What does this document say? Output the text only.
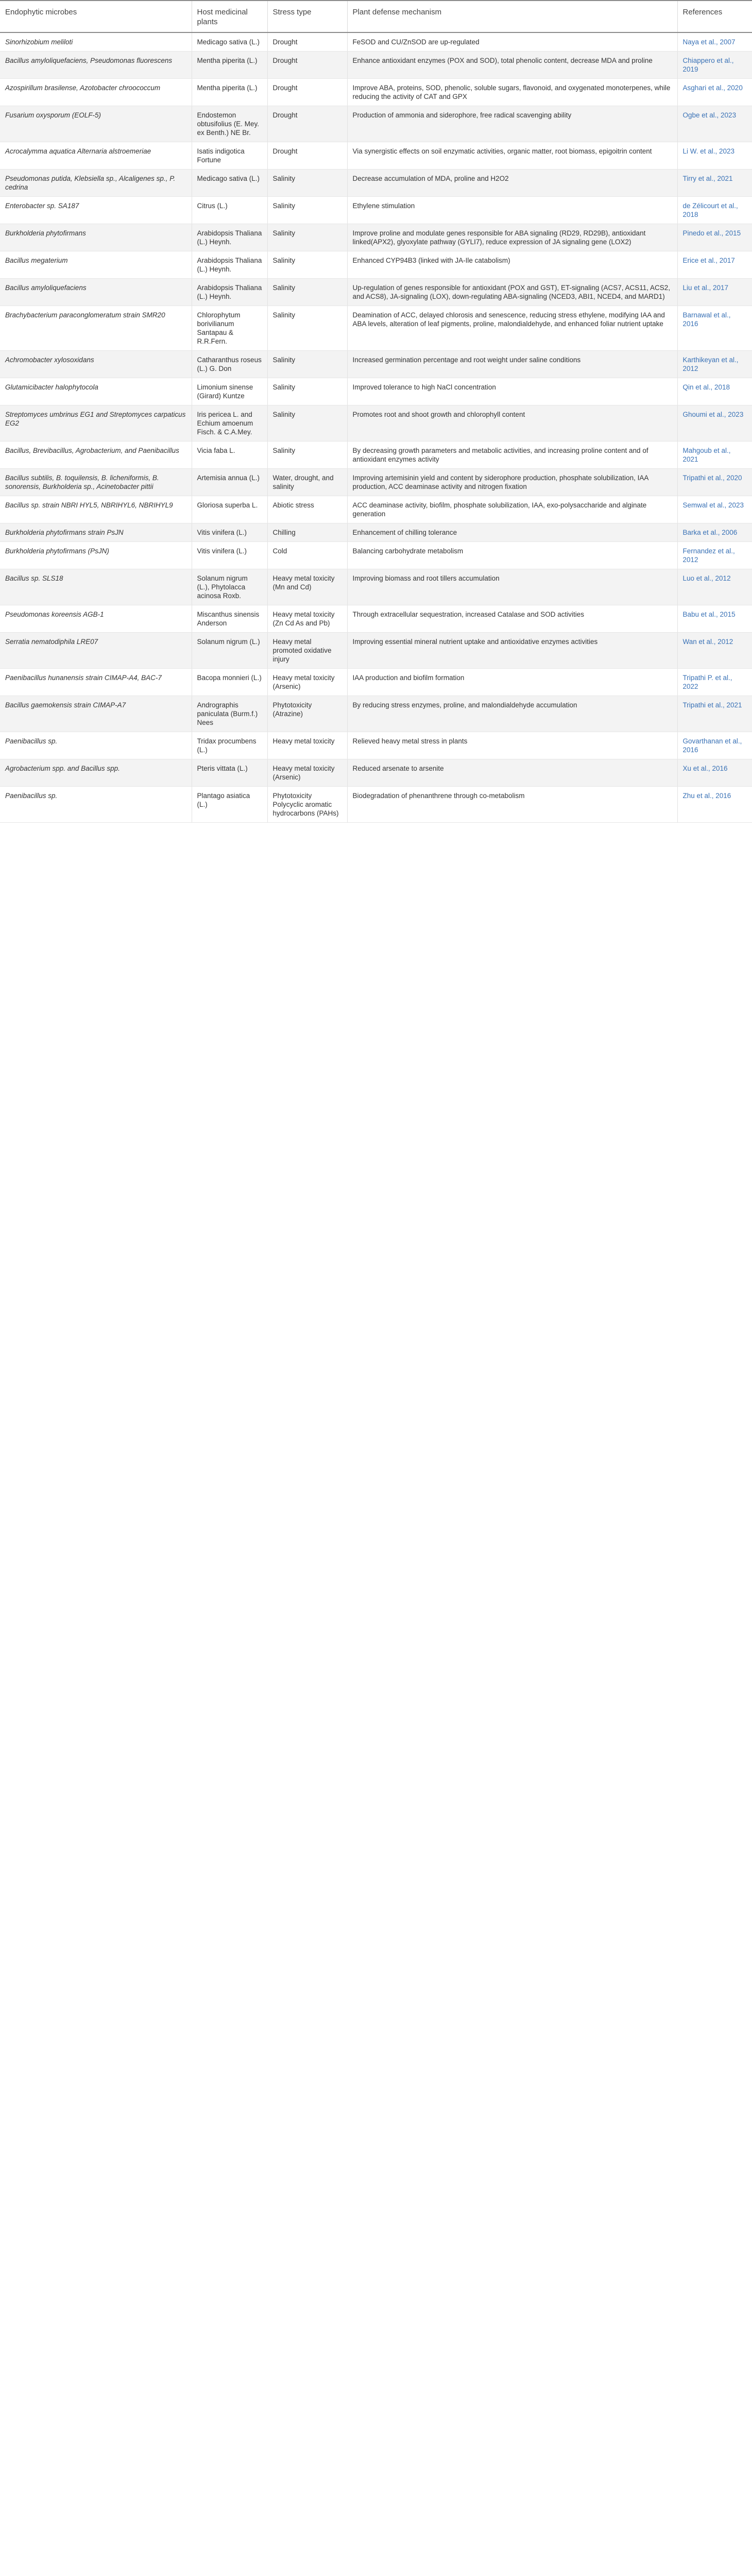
Endophytic microbes	Host medicinal plants	Stress type	Plant defense mechanism	References
Sinorhizobium meliloti	Medicago sativa (L.)	Drought	FeSOD and CU/ZnSOD are up-regulated	Naya et al., 2007
Bacillus amyloliquefaciens, Pseudomonas fluorescens	Mentha piperita (L.)	Drought	Enhance antioxidant enzymes (POX and SOD), total phenolic content, decrease MDA and proline	Chiappero et al., 2019
Azospirillum brasilense, Azotobacter chroococcum	Mentha piperita (L.)	Drought	Improve ABA, proteins, SOD, phenolic, soluble sugars, flavonoid, and oxygenated monoterpenes, while reducing the activity of CAT and GPX	Asghari et al., 2020
Fusarium oxysporum (EOLF-5)	Endostemon obtusifolius (E. Mey. ex Benth.) NE Br.	Drought	Production of ammonia and siderophore, free radical scavenging ability	Ogbe et al., 2023
Acrocalymma aquatica Alternaria alstroemeriae	Isatis indigotica Fortune	Drought	Via synergistic effects on soil enzymatic activities, organic matter, root biomass, epigoitrin content	Li W. et al., 2023
Pseudomonas putida, Klebsiella sp., Alcaligenes sp., P. cedrina	Medicago sativa (L.)	Salinity	Decrease accumulation of MDA, proline and H2O2	Tirry et al., 2021
Enterobacter sp. SA187	Citrus (L.)	Salinity	Ethylene stimulation	de Zélicourt et al., 2018
Burkholderia phytofirmans	Arabidopsis Thaliana (L.) Heynh.	Salinity	Improve proline and modulate genes responsible for ABA signaling (RD29, RD29B), antioxidant linked(APX2), glyoxylate pathway (GYLI7), reduce expression of JA signaling gene (LOX2)	Pinedo et al., 2015
Bacillus megaterium	Arabidopsis Thaliana (L.) Heynh.	Salinity	Enhanced CYP94B3 (linked with JA-Ile catabolism)	Erice et al., 2017
Bacillus amyloliquefaciens	Arabidopsis Thaliana (L.) Heynh.	Salinity	Up-regulation of genes responsible for antioxidant (POX and GST), ET-signaling (ACS7, ACS11, ACS2, and ACS8), JA-signaling (LOX), down-regulating ABA-signaling (NCED3, ABI1, NCED4, and MARD1)	Liu et al., 2017
Brachybacterium paraconglomeratum strain SMR20	Chlorophytum borivilianum Santapau & R.R.Fern.	Salinity	Deamination of ACC, delayed chlorosis and senescence, reducing stress ethylene, modifying IAA and ABA levels, alteration of leaf pigments, proline, malondialdehyde, and enhanced foliar nutrient uptake	Barnawal et al., 2016
Achromobacter xylosoxidans	Catharanthus roseus (L.) G. Don	Salinity	Increased germination percentage and root weight under saline conditions	Karthikeyan et al., 2012
Glutamicibacter halophytocola	Limonium sinense (Girard) Kuntze	Salinity	Improved tolerance to high NaCl concentration	Qin et al., 2018
Streptomyces umbrinus EG1 and Streptomyces carpaticus EG2	Iris pericea L. and Echium amoenum Fisch. & C.A.Mey.	Salinity	Promotes root and shoot growth and chlorophyll content	Ghoumi et al., 2023
Bacillus, Brevibacillus, Agrobacterium, and Paenibacillus	Vicia faba L.	Salinity	By decreasing growth parameters and metabolic activities, and increasing proline content and of antioxidant enzymes activity	Mahgoub et al., 2021
Bacillus subtilis, B. toquilensis, B. licheniformis, B. sonorensis, Burkholderia sp., Acinetobacter pittii	Artemisia annua (L.)	Water, drought, and salinity	Improving artemisinin yield and content by siderophore production, phosphate solubilization, IAA production, ACC deaminase activity and nitrogen fixation	Tripathi et al., 2020
Bacillus sp. strain NBRI HYL5, NBRIHYL6, NBRIHYL9	Gloriosa superba L.	Abiotic stress	ACC deaminase activity, biofilm, phosphate solubilization, IAA, exo-polysaccharide and alginate generation	Semwal et al., 2023
Burkholderia phytofirmans strain PsJN	Vitis vinifera (L.)	Chilling	Enhancement of chilling tolerance	Barka et al., 2006
Burkholderia phytofirmans (PsJN)	Vitis vinifera (L.)	Cold	Balancing carbohydrate metabolism	Fernandez et al., 2012
Bacillus sp. SLS18	Solanum nigrum (L.), Phytolacca acinosa Roxb.	Heavy metal toxicity (Mn and Cd)	Improving biomass and root tillers accumulation	Luo et al., 2012
Pseudomonas koreensis AGB-1	Miscanthus sinensis Anderson	Heavy metal toxicity (Zn Cd As and Pb)	Through extracellular sequestration, increased Catalase and SOD activities	Babu et al., 2015
Serratia nematodiphila LRE07	Solanum nigrum (L.)	Heavy metal promoted oxidative injury	Improving essential mineral nutrient uptake and antioxidative enzymes activities	Wan et al., 2012
Paenibacillus hunanensis strain CIMAP-A4, BAC-7	Bacopa monnieri (L.)	Heavy metal toxicity (Arsenic)	IAA production and biofilm formation	Tripathi P. et al., 2022
Bacillus gaemokensis strain CIMAP-A7	Andrographis paniculata (Burm.f.) Nees	Phytotoxicity (Atrazine)	By reducing stress enzymes, proline, and malondialdehyde accumulation	Tripathi et al., 2021
Paenibacillus sp.	Tridax procumbens (L.)	Heavy metal toxicity	Relieved heavy metal stress in plants	Govarthanan et al., 2016
Agrobacterium spp. and Bacillus spp.	Pteris vittata (L.)	Heavy metal toxicity (Arsenic)	Reduced arsenate to arsenite	Xu et al., 2016
Paenibacillus sp.	Plantago asiatica (L.)	Phytotoxicity Polycyclic aromatic hydrocarbons (PAHs)	Biodegradation of phenanthrene through co-metabolism	Zhu et al., 2016
